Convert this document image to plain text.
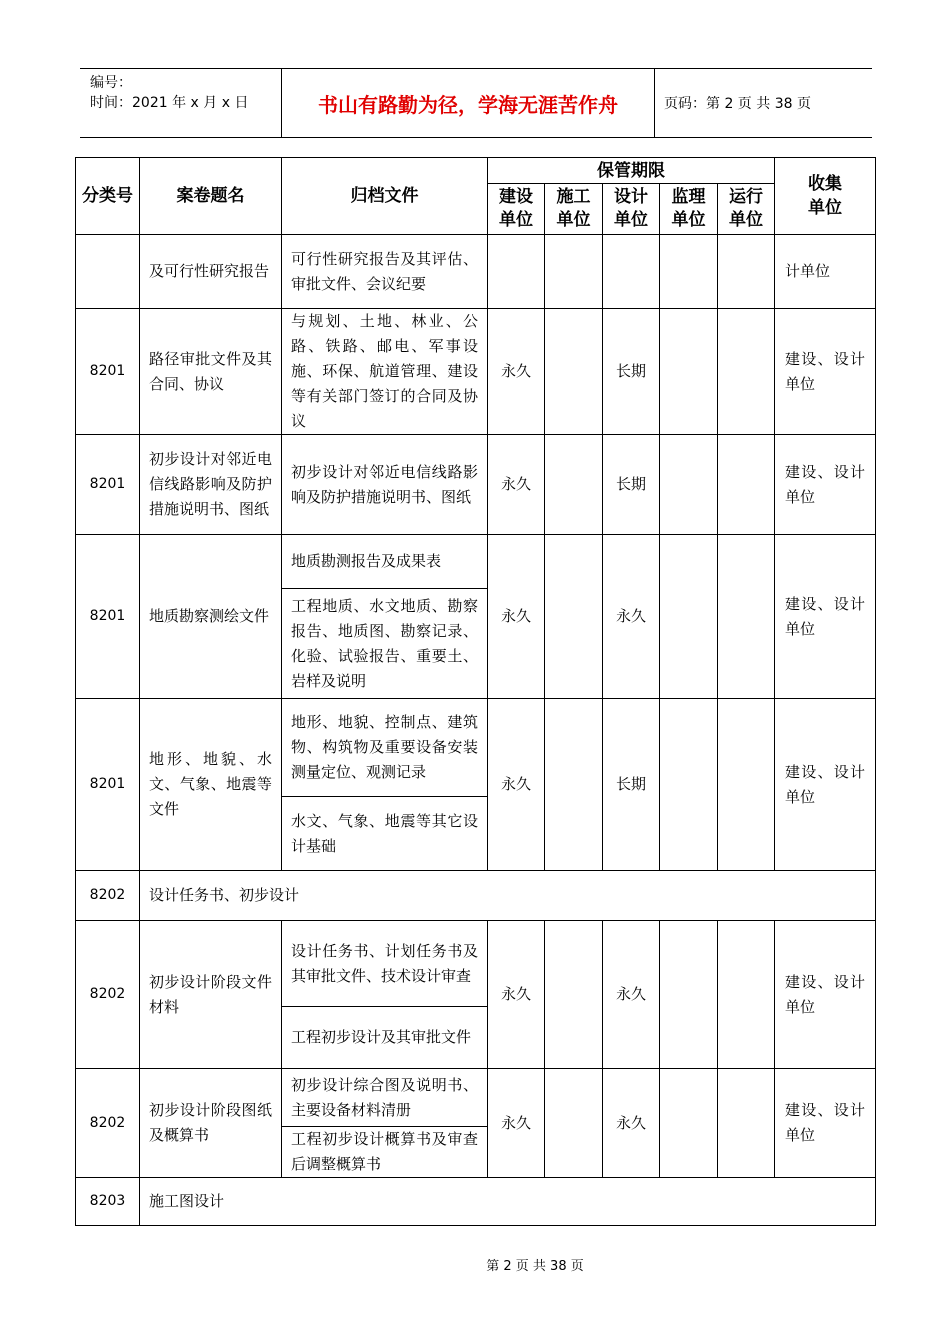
编号：
时间：2021 年 x 月 x 日	书山有路勤为径，学海无涯苦作舟	页码：第 2 页 共 38 页
分类号	案卷题名	归档文件	保管期限					收集单位

			建设单位	施工单位	设计单位	监理单位	运行单位	
	及可行性研究报告	可行性研究报告及其评估、审批文件、会议纪要						计单位
8201	路径审批文件及其合同、协议	与规划、土地、林业、公路、铁路、邮电、军事设施、环保、航道管理、建设等有关部门签订的合同及协议	永久		长期			建设、设计单位
8201	初步设计对邻近电信线路影响及防护措施说明书、图纸	初步设计对邻近电信线路影响及防护措施说明书、图纸	永久		长期			建设、设计单位
8201	地质勘察测绘文件	地质勘测报告及成果表	永久		永久			建设、设计单位
		工程地质、水文地质、勘察报告、地质图、勘察记录、化验、试验报告、重要土、岩样及说明						
8201	地形、地貌、水文、气象、地震等文件	地形、地貌、控制点、建筑物、构筑物及重要设备安装测量定位、观测记录	永久		长期			建设、设计单位
		水文、气象、地震等其它设计基础						
8202	设计任务书、初步设计							
8202	初步设计阶段文件材料	设计任务书、计划任务书及其审批文件、技术设计审查	永久		永久			建设、设计单位
		工程初步设计及其审批文件						
8202	初步设计阶段图纸及概算书	初步设计综合图及说明书、主要设备材料清册	永久		永久			建设、设计单位
		工程初步设计概算书及审查后调整概算书						
8203	施工图设计							
第 2 页 共 38 页
